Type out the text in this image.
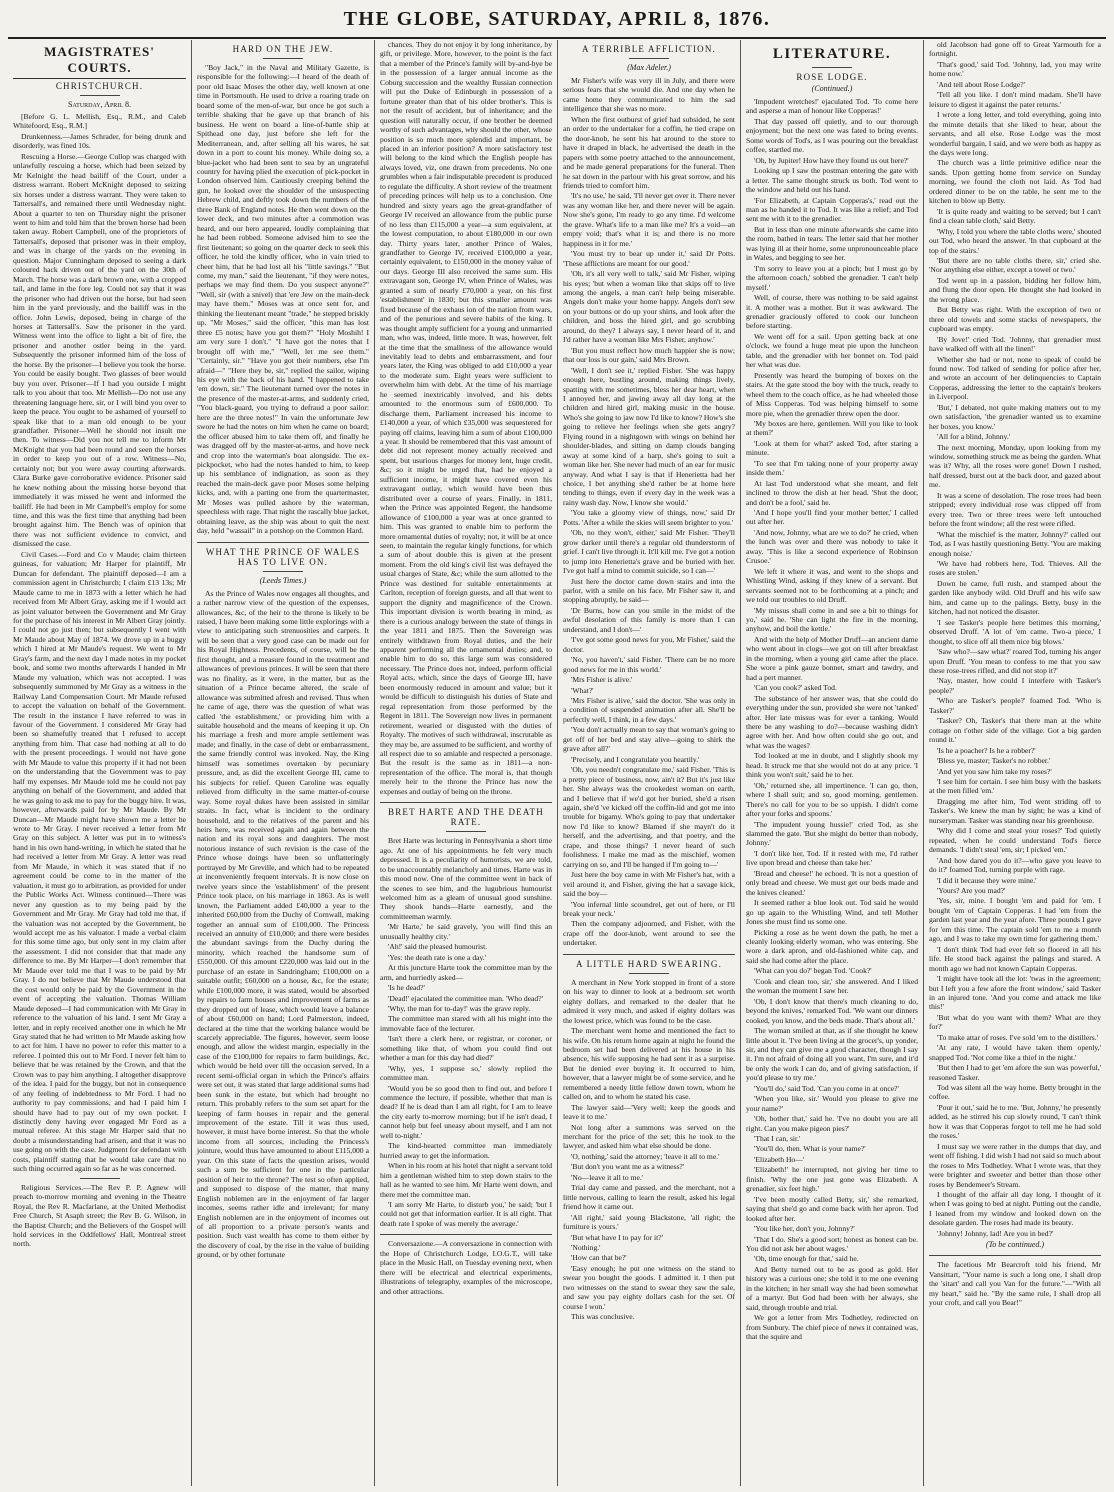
THE GLOBE, SATURDAY, APRIL 8, 1876.
MAGISTRATES' COURTS.
CHRISTCHURCH.
Saturday, April 8.

[Before G. L. Mellish, Esq., R.M., and Caleb Whitefoord, Esq., R.M.]

Drunkenness.—James Schrader, for being drunk and disorderly, was fined 10s.

Rescuing a Horse.—George Cullop was charged with unlawfully rescuing a horse, which had been seized by Mr Kelnight the head bailiff of the Court, under a distress warrant. Robert McKnight deposed to seizing six horses under a distress warrant. They were taken to Tattersall's, and remained there until Wednesday night. About a quarter to ten on Thursday night the prisoner went to him and told him that the brown horse had been taken away. Robert Campbell, one of the proprietors of Tattersall's, deposed that prisoner was in their employ, and was in charge of the yards on the evening in question. Major Cunningham deposed to seeing a dark coloured hack driven out of the yard on the 30th of March. The horse was a dark brown one, with a cropped tail, and lame in the fore leg. Could not say that it was the prisoner who had driven out the horse, but had seen him in the yard previously, and the bailiff was in the office. John Lewis, deposed, being in charge of the horses at Tattersall's. Saw the prisoner in the yard. Witness went into the office to light a bit of fire, the prisoner and another ostler being in the yard. Subsequently the prisoner informed him of the loss of the horse. By the prisoner—I believe you took the horse. You could be easily bought. Two glasses of beer would buy you over. Prisoner—If I had you outside I might talk to you about that too. Mr Mellish—Do not use any threatening language here, sir, or I will bind you over to keep the peace. You ought to be ashamed of yourself to speak like that to a man old enough to be your grandfather. Prisoner—Well he should not insult me then. To witness—Did you not tell me to inform Mr McKnight that you had been round and seen the horses in order to keep you out of a row. Witness—No, certainly not; but you were away courting afterwards. Clara Burke gave corroborative evidence. Prisoner said he knew nothing about the missing horse beyond that immediately it was missed he went and informed the bailiff. He had been in Mr Campbell's employ for some time, and this was the first time that anything had been brought against him. The Bench was of opinion that there was not sufficient evidence to convict, and dismissed the case.

Civil Cases.—Ford and Co v Maude; claim thirteen guineas, for valuation; Mr Harper for plaintiff, Mr Duncan for defendant. The plaintiff deposed—I am a commission agent in Christchurch; I claim £13 13s; Mr Maude came to me in 1873 with a letter which he had received from Mr Albert Gray, asking me if I would act as joint valuator between the Government and Mr Gray for the purchase of his interest in Mr Albert Gray jointly. I could not go just then; but subsequently I went with Mr Maude about May of 1874. We drove up in a buggy which I hired at Mr Maude's request. We went to Mr Gray's farm, and the next day I made notes in my pocket book, and some two months afterwards I handed in Mr Maude my valuation, which was not accepted. I was subsequently summoned by Mr Gray as a witness in the Railway Land Compensation Court. Mr Maude refused to accept the valuation on behalf of the Government. The result in the instance I have referred to was in favour of the Government. I considered Mr Gray had been so shamefully treated that I refused to accept anything from him. That case had nothing at all to do with the present proceedings. I would not have gone with Mr Maude to value this property if it had not been on the understanding that the Government was to pay half my expenses. Mr Maude told me he could not pay anything on behalf of the Government, and added that he was going to ask me to pay for the buggy hire. It was, however, afterwards paid for by Mr Maude. By Mr Duncan—Mr Maude might have shown me a letter he wrote to Mr Gray. I never received a letter from Mr Gray on this subject. A letter was put in to witness's hand in his own hand-writing, in which he stated that he had received a letter from Mr Gray. A letter was read from Mr Maude, in which it was stated that if no agreement could be come to in the matter of the valuation, it must go to arbitration, as provided for under the Public Works Act. Witness continued—There was never any question as to my being paid by the Government and Mr Gray. Mr Gray had told me that, if the valuation was not accepted by the Government, he would accept me as his valuator. I made a verbal claim for this some time ago, but only sent in my claim after the assessment. I did not consider that that made any difference to me. By Mr Harper—I don't remember that Mr Maude ever told me that I was to be paid by Mr Gray. I do not believe that Mr Maude understood that the cost would only be paid by the Government in the event of accepting the valuation. Thomas William Maude deposed—I had communication with Mr Gray in reference to the valuation of his land. I sent Mr Gray a letter, and in reply received another one in which he Mr Gray stated that he had written to Mr Maude asking how to act for him. I have no power to refer this matter to a referee. I pointed this out to Mr Ford. I never felt him to believe that he was retained by the Crown, and that the Crown was to pay him anything. I altogether disapprove of the idea. I paid for the buggy, but not in consequence of any feeling of indebtedness to Mr Ford. I had no authority to pay commissions, and had I paid him I should have had to pay out of my own pocket. I distinctly deny having ever engaged Mr Ford as a mutual referee. At this stage Mr Harper said that no doubt a misunderstanding had arisen, and that it was no use going on with the case. Judgment for defendant with costs, plaintiff stating that he would take care that no such thing occurred again so far as he was concerned.

Religious Services.—The Rev P. P. Agnew will preach to-morrow morning and evening in the Theatre Royal, the Rev R. Macfarlane, at the United Methodist Free Church, St Asaph street; the Rev B. G. Wilson, in the Baptist Church; and the Believers of the Gospel will hold services in the Oddfellows' Hall, Montreal street north.

HARD ON THE JEW.

"Boy Jack," in the Naval and Military Gazette, is responsible for the following:—I heard of the death of poor old Isaac Moses the other day, well known at one time in Portsmouth. He used to drive a roaring trade on board some of the men-of-war, but once he got such a terrible shaking that he gave up that branch of his business. He went on board a line-of-battle ship at Spithead one day, just before she left for the Mediterranean, and, after selling all his wares, he sat down in a port to count his money. While doing so, a blue-jacket who had been sent to sea by an ungrateful country for having plied the execution of pick-pocket in London observed him. Cautiously creeping behind the gun, he looked over the shoulder of the unsuspecting Hebrew child, and deftly took down the numbers of the three Bank of England notes. He then went down on the lower deck, and two minutes after a commotion was heard, and our hero appeared, loudly complaining that he had been robbed. Someone advised him to see the first lieutenant; so going on the quarter deck to seek this officer, he told the kindly officer, who in vain tried to cheer him, that he had lost all his "little savings." "But come, my man," said the lieutenant, "if they were notes, perhaps we may find them. Do you suspect anyone?" "Well, sir (with a snivel) that 'ere Jew on the main-deck may have them." Moses was at once sent for, and thinking the lieutenant meant "trade," he stepped briskly up. "Mr Moses," said the officer, "this man has lost three £5 notes; have you got them?" "Holy Moshih! I am very sure I don't." "I have got the notes that I brought off with me," "Well, let me see them." "Certainly, sir." "Have you got their numbers, else I'm afraid—" "Here they be, sir," replied the sailor, wiping his eye with the back of his hand. "I happened to take 'em down, sir." The lieutenant turned over the notes in the presence of the master-at-arms, and suddenly cried, "You black-guard, you trying to defraud a poor sailor: here are the three notes!" In vain the unfortunate Jew swore he had the notes on him when he came on board; the officer abused him to take them off, and finally he was dragged off by the master-at-arms, and hove neck and crop into the waterman's boat alongside. The ex-pickpocket, who had the notes handed to him, to keep up his semblance of indignation, as soon as they reached the main-deck gave poor Moses some helping kicks, and, with a parting one from the quartermaster, Mr Moses was pulled ashore by the waterman, speechless with rage. That night the rascally blue jacket, obtaining leave, as the ship was about to quit the next day, held "wassail" in a potshop on the Common Hard.

WHAT THE PRINCE OF WALES HAS TO LIVE ON.
(Leeds Times.)

As the Prince of Wales now engages all thoughts, and a rather narrow view of the question of the expenses, allowances, &c, of the heir to the throne is likely to be raised, I have been making some little explorings with a view to anticipating such strenuosities and carpers. It will be seen that a very good case can be made out for his Royal Highness. Precedents, of course, will be the first thought, and a measure found in the treatment and allowances of previous princes. It will be seen that there was no finality, as it were, in the matter, but as the situation of a Prince became altered, the scale of allowance was submitted afresh and revised. Thus when he came of age, there was the question of what was called 'the establishment,' or providing him with a suitable household and the means of keeping it up. On his marriage a fresh and more ample settlement was made; and finally, in the case of debt or embarrassment, the same friendly control was invoked. Nay, the King himself was sometimes overtaken by pecuniary pressure, and, as did the excellent George III, came to his subjects for relief. Queen Caroline was equally relieved from difficulty in the same matter-of-course way. Some royal dukes have been assisted in similar straits. In fact, what is incident to the ordinary household, and to the relatives of the parent and his heirs here, was received again and again between the nation and its royal sons and daughters. The most notorious instance of such revision is the case of the Prince whose doings have been so unflatteringly portrayed by Mr Greville, and which had to be repeated at inconveniently frequent intervals. It is now close on twelve years since the 'establishment' of the present Prince took place, on his marriage in 1863. As is well known, the Parliament added £40,000 a year to the inherited £60,000 from the Duchy of Cornwall, making together an annual sum of £100,000. The Princess received an annuity of £10,000; and there were besides the abundant savings from the Duchy during the minority, which reached the handsome sum of £550,000. Of this amount £220,000 was laid out in the purchase of an estate in Sandringham; £100,000 on a suitable outfit; £60,000 on a house, &c, for the estate; while £100,000 more, it was stated, would be absorbed by repairs to farm houses and improvement of farms as they dropped out of lease, which would leave a balance of about £60,000 on hand; Lord Palmerston, indeed, declared at the time that the working balance would be scarcely appreciable. The figures, however, seem loose enough, and allow the widest margin, especially in the case of the £100,000 for repairs to farm buildings, &c, which would be held over till the occasion served. In a recent semi-official organ in which the Prince's affairs were set out, it was stated that large additional sums had been sunk in the estate, but which had brought no return. This probably refers to the sum set apart for the keeping of farm houses in repair and the general improvement of the estate. Till it was thus used, however, it must have borne interest. So that the whole income from all sources, including the Princess's jointure, would thus have amounted to about £115,000 a year. On this state of facts the question arises, would such a sum be sufficient for one in the particular position of heir to the throne? The test so often applied, and supposed to dispose of the matter, that many English noblemen are in the enjoyment of far larger incomes, seems rather idle and irrelevant; for many English noblemen are in the enjoyment of incomes out of all proportion to a private person's wants and position. Such vast wealth has come to them either by the discovery of coal, by the rise in the value of building ground, or by other fortunate

chances. They do not enjoy it by long inheritance, by gift, or privilege. More, however, to the point is the fact that a member of the Prince's family will by-and-bye be in the possession of a larger annual income as the Coburg succession and the wealthy Russian connection will put the Duke of Edinburgh in possession of a fortune greater than that of his older brother's. This is not the result of accident, but of inheritance; and the question will naturally occur, if one brother be deemed worthy of such advantages, why should the other, whose position is so much more splendid and important, be placed in an inferior position? A more satisfactory test will belong to the kind which the English people has always loved, viz, one drawn from precedents. No one grumbles when a fair indisputable precedent is produced to regulate the difficulty. A short review of the treatment of preceding princes will help us to a conclusion. One hundred and sixty years ago the great-grandfather of George IV received an allowance from the public purse of no less than £115,000 a year—a sum equivalent, at the lowest computation, to about £180,000 in our own day. Thirty years later, another Prince of Wales, grandfather to George IV, received £100,000 a year, certainly equivalent, to £150,000 in the money value of our days. George III also received the same sum. His extravagant son, George IV, when Prince of Wales, was granted a sum of nearly £70,000 a year, on his first 'establishment' in 1830; but this smaller amount was fixed because of the exhaus ion of the nation from wars, and of the penurious and severe habits of the king. It was thought amply sufficient for a young and unmarried man, who was, indeed, little more. It was, however, felt at the time that the smallness of the allowance would inevitably lead to debts and embarrassment, and four years later, the King was obliged to add £10,000 a year to the moderate sum. Eight years were sufficient to overwhelm him with debt. At the time of his marriage he seemed inextricably involved, and his debts amounted to the enormous sum of £600,000. To discharge them, Parliament increased his income to £140,000 a year, of which £35,000 was sequestered for paying off claims, leaving him a sum of about £100,000 a year. It should be remembered that this vast amount of debt did not represent money actually received and spent, but usurious charges for money lent, huge credit, &c; so it might be urged that, had he enjoyed a sufficient income, it might have covered even his extravagant outlay, which would have been thus distributed over a course of years. Finally, in 1811, when the Prince was appointed Regent, the handsome allowance of £100,000 a year was at once granted to him. This was granted to enable him to perform the more ornamental duties of royalty; not, it will be at once seen, to maintain the regular kingly functions, for which a sum of about double this is given at the present moment. From the old king's civil list was defrayed the usual charges of State, &c; while the sum allotted to the Prince was destined for suitable entertainments at Carlton, reception of foreign guests, and all that went to support the dignity and magnificence of the Crown. This important division is worth bearing in mind, as there is a curious analogy between the state of things in the year 1811 and 1875. Then the Sovereign was entirely withdrawn from Royal duties, and the heir apparent performing all the ornamental duties; and, to enable him to do so, this large sum was considered necessary. The Prince does not, indeed, perform official Royal acts, which, since the days of George III, have been enormously reduced in amount and value; but it would be difficult to distinguish his duties of State and regal representation from those performed by the Regent in 1811. The Sovereign now lives in permanent retirement, wearied or disgusted with the duties of Royalty. The motives of such withdrawal, inscrutable as they may be, are assumed to be sufficient, and worthy of all respect due to so amiable and respected a personage. But the result is the same as in 1811—a non-representation of the office. The moral is, that though merely heir to the throne the Prince has now the expenses and outlay of being on the throne.

BRET HARTE AND THE DEATH RATE.

Bret Harte was lecturing in Pennsylvania a short time ago. At one of his appointments he felt very much depressed. It is a peculiarity of humorists, we are told, to be unaccountably melancholy and times. Harte was in this mood now. One of the committee went in back of the scenes to see him, and the lugubrious humourist welcomed him as a gleam of unusual good sunshine. They shook hands—Harte earnestly, and the committeeman warmly.

'Mr Harte,' he said gravely, 'you will find this an unusually healthy city.'

'Ah!' said the pleased humourist.

'Yes: the death rate is one a day.'

At this juncture Harte took the committee man by the arm, and hurriedly asked—

'Is he dead?'

'Dead!' ejaculated the committee man. 'Who dead?'

'Why, the man for to-day!' was the grave reply.

The committee man stared with all his might into the immovable face of the lecturer.

'Isn't there a clerk here, or registrar, or coroner, or something like that, of whom you could find out whether a man for this day had died?'

'Why, yes, I suppose so,' slowly replied the committee man.

'Would you be so good then to find out, and before I commence the lecture, if possible, whether that man is dead? If he is dead than I am all right, for I am to leave the city early to-morrow morning; but if he isn't dead, I cannot help but feel uneasy about myself, and I am not well to-night.'

The kind-hearted committee man immediately hurried away to get the information.

When in his room at his hotel that night a servant told him a gentleman wished him to step down stairs to the hall as he wanted to see him. Mr Harte went down, and there met the committee man.

'I am sorry Mr Harte, to disturb you,' he said; 'but I could not get that information earlier. It is all right. That death rate I spoke of was merely the average.'

Conversazione.—A conversazione in connection with the Hope of Christchurch Lodge, I.O.G.T., will take place in the Music Hall, on Tuesday evening next, when there will be electrical and electrical experiments, illustrations of telegraphy, examples of the microscope, and other attractions.

A TERRIBLE AFFLICTION.
(Max Adeler.)

Mr Fisher's wife was very ill in July, and there were serious fears that she would die. And one day when he came home they communicated to him the sad intelligence that she was no more.

When the first outburst of grief had subsided, he sent an order to the undertaker for a coffin, he tied crape on the door-knob, he sent his hat around to the store to have it draped in black, he advertised the death in the papers with some poetry attached to the announcement, and he made general preparations for the funeral. Then he sat down in the parlour with his great sorrow, and his friends tried to comfort him.

'It's no use,' he said, 'I'll never get over it. There never was any woman like her, and there never will be again. Now she's gone, I'm ready to go any time. I'd welcome the grave. What's life to a man like me? It's a void—an empty void; that's what it is; and there is no more happiness in it for me.'

'You must try to bear up under it,' said Dr Potts. 'These afflictions are meant for our good.'

'Oh, it's all very well to talk,' said Mr Fisher, wiping his eyes; 'but when a woman like that skips off to live among the angels, a man can't help being miserable. Angels don't make your home happy. Angels don't sew on your buttons or do up your shirts, and look after the children, and boss the hired girl, and go scrubbing around, do they? I always say, I never heard of it, and I'd rather have a woman like Mrs Fisher, anyhow.'

'But you must reflect how much happier she is now; that our loss is our gain,' said Mrs Brown.

'Well, I don't see it,' replied Fisher. 'She was happy enough here, bustling around, making things lively, spatting with me sometimes, bless her dear heart, when I annoyed her, and jawing away all day long at the children and hired girl, making music in the house. Who's she going to jaw now I'd like to know? How's she going to relieve her feelings when she gets angry? Flying round in a nightgown with wings on behind her shoulder-blades, and sitting on damp clouds banging away at some kind of a harp, she's going to suit a woman like her. She never had much of an ear for music anyway. And what I say is that if Henerietta had her choice, I bet anything she'd rather be at home here tending to things, even if every day in the week was a rainy wash day. Now, I know she would.'

'You take a gloomy view of things, now,' said Dr Potts. 'After a while the skies will seem brighter to you.'

'Oh, no they won't, either,' said Mr Fisher. 'They'll grow darker until there's a regular old thunderstorm of grief. I can't live through it. It'll kill me. I've got a notion to jump into Henerietta's grave and be buried with her. I've got half a mind to commit suicide, so I can—'

Just here the doctor came down stairs and into the parlor, with a smile on his face. Mr Fisher saw it, and stopping abruptly, he said—

'Dr Burns, how can you smile in the midst of the awful desolation of this family is more than I can understand, and I don't—'

'I've got some good news for you, Mr Fisher,' said the doctor.

'No, you haven't,' said Fisher. 'There can be no more good news for me in this world.'

'Mrs Fisher is alive.'

'What?'

'Mrs Fisher is alive,' said the doctor. 'She was only in a condition of suspended animation after all. She'll be perfectly well, I think, in a few days.'

'You don't actually mean to say that woman's going to get off of her bed and stay alive—going to shirk the grave after all?'

'Precisely, and I congratulate you heartily.'

'Oh, you needn't congratulate me,' said Fisher. 'This is a pretty piece of business, now, ain't it? But it's just like her. She always was the crookedest woman on earth, and I believe that if we'd got her buried, she'd a risen again, she'd 've kicked off the coffin-lid and got me into trouble for bigamy. Who's going to pay that undertaker now I'd like to know? Blamed if she mayn't do it herself, and the advertising, and that poetry, and the crape, and those things? I never heard of such foolishness. I make me mad as the mischief, women carrying on so, and I'll be hanged if I'm going to—'

Just here the boy came in with Mr Fisher's hat, with a veil around it, and Fisher, giving the hat a savage kick, said the boy—

'You infernal little scoundrel, get out of here, or I'll break your neck.'

Then the company adjourned, and Fisher, with the crape off the door-knob, went around to see the undertaker.

A LITTLE HARD SWEARING.

A merchant in New York stopped in front of a store on his way to dinner to look at a bedroom set worth eighty dollars, and remarked to the dealer that he admired it very much, and asked if eighty dollars was the lowest price, which was found to be the case.

The merchant went home and mentioned the fact to his wife. On his return home again at night he found the bedroom set had been delivered at his house in his absence, his wife supposing he had sent it as a surprise. But he denied ever buying it. It occurred to him, however, that a lawyer might be of some service, and he remembered a needy little fellow down town, whom he called on, and to whom he stated his case.

The lawyer said—'Very well; keep the goods and leave it to me.'

Not long after a summons was served on the merchant for the price of the set; this he took to the lawyer, and asked him what else should be done.

'O, nothing,' said the attorney; 'leave it all to me.'

'But don't you want me as a witness?'

'No—leave it all to me.'

Trial day came and passed, and the merchant, not a little nervous, calling to learn the result, asked his legal friend how it came out.

'All right,' said young Blackstone, 'all right; the furniture is yours.'

'But what have I to pay for it?'

'Nothing.'

'How can that be?'

'Easy enough; he put one witness on the stand to swear you bought the goods. I admitted it. I then put two witnesses on the stand to swear they saw the sale, and saw you pay eighty dollars cash for the set. Of course I won.'

This was conclusive.

LITERATURE.
ROSE LODGE.
(Continued.)

'Impudent wretches!' ejaculated Tod. 'To come here and asperse a man of honour like Copperas!'

That day passed off quietly, and to our thorough enjoyment; but the next one was fated to bring events. Some words of Tod's, as I was pouring out the breakfast coffee, startled me.

'Oh, by Jupiter! How have they found us out here?'

Looking up I saw the postman entering the gate with a letter. The same thought struck us both. Tod went to the window and held out his hand.

'For Elizabeth, at Captain Copperas's,' read out the man as he handed it to Tod. It was like a relief; and Tod sent me with it to the grenadier.

But in less than one minute afterwards she came into the room, bathed in tears. The letter said that her mother was lying ill at their home, some unpronounceable place in Wales, and begging to see her.

'I'm sorry to leave you at a pinch; but I must go by the afternoon coach,' sobbed the grenadier. 'I can't help myself.'

Well, of course, there was nothing to be said against it. A mother was a mother. But it was awkward. The grenadier graciously offered to cook our luncheon before starting.

We went off for a sail. Upon getting back at one o'clock, we found a huge meat pie upon the luncheon table, and the grenadier with her bonnet on. Tod paid her what was due.

Presently was heard the bumping of boxes on the stairs. At the gate stood the boy with the truck, ready to wheel them to the coach office, as he had wheeled those of Miss Copperas. Tod was helping himself to some more pie, when the grenadier threw open the door.

'My boxes are here, gentlemen. Will you like to look at them?'

'Look at them for what?' asked Tod, after staring a minute.

'To see that I'm taking none of your property away inside them.'

At last Tod understood what she meant, and felt inclined to throw the dish at her head. 'Shut the door, and don't be a fool,' said he.

'And I hope you'll find your mother better,' I called out after her.

'And now, Johnny, what are we to do?' he cried, when the lunch was over and there was nobody to take it away. 'This is like a second experience of Robinson Crusoe.'

We left it where it was, and went to the shops and Whistling Wind, asking if they knew of a servant. But servants seemed not to be forthcoming at a pinch; and we told our troubles to old Druff.

'My missus shall come in and see a bit to things for yo,' said he. 'She can light the fire in the morning, anyhow, and boil the kettle.'

And with the help of Mother Druff—an ancient dame who went about in clogs—we got on till after breakfast in the morning, when a young girl came after the place. She wore a pink gauze bonnet, smart and tawdry, and had a pert manner.

'Can you cook?' asked Tod.

The substance of her answer was, that she could do everything under the sun, provided she were not 'tanked' after. Her late missus was for ever a tanking. Would there be any washing to do?—because washing didn't agree with her. And how often could she go out, and what was the wages?

Tod looked at me in doubt, and I slightly shook my head. It struck me that she would not do at any price. 'I think you won't suit,' said he to her.

'Oh,' returned she, all impertinence. 'I can go, then, where I shall suit; and so, good morning, gentlemen. There's no call for you to be so uppish. I didn't come after your forks and spoons.'

'The impudent young hussie!' cried Tod, as she slammed the gate. 'But she might do better than nobody, Johnny.'

'I don't like her, Tod. If it rested with me, I'd rather live upon bread and cheese than take her.'

'Bread and cheese!' he echoed. 'It is not a question of only bread and cheese. We must get our beds made and the knives cleaned.'

It seemed rather a blue look out. Tod said he would go up again to the Whistling Wind, and tell Mother Jones she must find us some one.

Picking a rose as he went down the path, he met a cleanly looking elderly woman, who was entering. She wore a dark apron, and old-fashioned white cap, and said she had come after the place.

'What can you do?' began Tod. 'Cook?'

'Cook and clean too, sir,' she answered. And I liked the woman the moment I saw her.

'Oh, I don't know that there's much cleaning to do, beyond the knives,' remarked Tod. 'We want our dinners cooked, you know, and the beds made. That's about all.'

The woman smiled at that, as if she thought he knew little about it. 'I've been living at the grocer's, up yonder, sir, and they can give me a good character, though I say it. I'm not afraid of doing all you want, I'm sure, and it'd be only the work I can do, and of giving satisfaction, if you'd please to try me.'

'You'll do,' said Tod. 'Can you come in at once?'

'When you like, sir.' Would you please to give me your name?'

'Oh, bother that,' said he. 'I've no doubt you are all right. Can you make pigeon pies?'

'That I can, sir.'

'You'll do, then. What is your name?'

'Elizabeth Ho—'

'Elizabeth!' he interrupted, not giving her time to finish. 'Why the one just gone was Elizabeth. A grenadier, six feet high.'

'I've been mostly called Betty, sir,' she remarked, saying that she'd go and come back with her apron. Tod looked after her.

'You like her, don't you, Johnny?'

'That I do. She's a good sort; honest as honest can be. You did not ask her about wages.'

'Oh, time enough for that,' said he.

And Betty turned out to be as good as gold. Her history was a curious one; she told it to me one evening in the kitchen; in her small way she had been somewhat of a martyr. But God had been with her always, she said, through trouble and trial.

We got a letter from Mrs Todhetley, redirected on from Sunbury. The chief piece of news it contained was, that the squire and

old Jacobson had gone off to Great Yarmouth for a fortnight.

'That's good,' said Tod. 'Johnny, lad, you may write home now.'

'And tell about Rose Lodge?'

'Tell all you like. I don't mind madam. She'll have leisure to digest it against the pater returns.'

I wrote a long letter, and told everything, going into the minute details that she liked to hear, about the servants, and all else. Rose Lodge was the most wonderful bargain, I said, and we were both as happy as the days were long.

The church was a little primitive edifice near the sands. Upon getting home from service on Sunday morning, we found the cloth not laid. As Tod had ordered dinner to be on the table, he sent me to the kitchen to blow up Betty.

'It is quite ready and waiting to be served; but I can't find a clean table cloth,' said Betty.

'Why, I told you where the table cloths were,' shouted out Tod, who heard the answer. 'In that cupboard at the top of the stairs.'

'But there are no table cloths there, sir,' cried she. 'Nor anything else either, except a towel or two.'

Tod went up in a passion, bidding her follow him, and flung the door open. He thought she had looked in the wrong place.

But Betty was right. With the exception of two or three old towels and some stacks of newspapers, the cupboard was empty.

'By Jove!' cried Tod. 'Johnny, that grenadier must have walked off with all the linen!'

Whether she had or not, none to speak of could be found now. Tod talked of sending for police after her, and wrote an account of her delinquencies to Captain Copperas, addressing the letter to the captain's brokers in Liverpool.

'But,' I debated, not quite making matters out to my own satisfaction, 'the grenadier wanted us to examine her boxes, you know.'

'All for a blind, Johnny.'

The next morning, Monday, upon looking from my window, something struck me as being the garden. What was it? Why, all the roses were gone! Down I rushed, half dressed, burst out at the back door, and gazed about me.

It was a scene of desolation. The rose trees had been stripped; every individual rose was clipped off from every tree. Two or three trees were left untouched before the front window; all the rest were rifled.

'What the mischief is the matter, Johnny?' called out Tod, as I was hastily questioning Betty. 'You are making enough noise.'

'We have had robbers here, Tod. Thieves. All the roses are stolen.'

Down he came, full rush, and stamped about the garden like anybody wild. Old Druff and his wife saw him, and came up to the palings. Betty, busy in the kitchen, had not noticed the disaster.

'I see Tasker's people here betimes this morning,' observed Druff. 'A lot of 'em came. Two-a piece,' I thought, to slice off all them nice big blows.'

'Saw who?—saw what?' roared Tod, turning his anger upon Druff. 'You mean to confess to me that you saw these rose-trees rifled, and did not stop it?'

'Nay, master, how could I interfere with Tasker's people?'

'Who are Tasker's people?' foamed Tod. 'Who is Tasker?'

'Tasker? Oh, Tasker's that there man at the white cottage on t'other side of the village. Got a big garden round it.'

'Is he a poacher? Is he a robber?'

'Bless ye, master; Tasker's no robber.'

'And yet you saw him take my roses?'

'I see him for certain. I see him busy with the baskets at the men filled 'em.'

Dragging me after him, Tod went striding off to Tasker's. We knew the man by sight; he was a kind of nurseryman. Tasker was standing near his greenhouse.

'Why did I come and steal your roses?' Tod quietly repeated, when he could understand Tod's fierce demands. 'I didn't steal 'em, sir; I picked 'em.'

'And how dared you do it?—who gave you leave to do it?' foamed Tod, turning purple with rage.

'I did it because they were mine.'

'Yours? Are you mad?'

'Yes, sir, mine. I bought 'em and paid for 'em. I bought 'em of Captain Copperas. I had 'em from the garden last year and the year afore. Three pounds I gave for 'em this time. The captain sold 'em to me a month ago, and I was to take my own time for gathering them.'

'I don't think Tod had ever felt so floored in all his life. He stood back against the palings and stared. A month ago we had not known Captain Copperas.

'I might have took all the lot: 'twas in the agreement; but I left you a few afore the front window,' said Tasker in an injured tone. 'And you come and attack me like this!'

'But what do you want with them? What are they for?'

'To make attar of roses. I've sold 'em to the distillers.'

'At any rate, I would have taken them openly,' snapped Tod. 'Not come like a thief in the night.'

'But then I had to get 'em afore the sun was powerful,' reasoned Tasker.

Tod was silent all the way home. Betty brought in the coffee.

'Pour it out,' said he to me. 'But, Johnny,' he presently added, as he stirred his cup slowly round, 'I can't think how it was that Copperas forgot to tell me he had sold the roses.'

I must say we were rather in the dumps that day, and went off fishing. I did wish I had not said so much about the roses to Mrs Todhetley. What I wrote was, that they were brighter and sweeter and better than those other roses by Bendemeer's Stream.

I thought of the affair all day long. I thought of it when I was going to bed at night. Putting out the candle, I leaned from my window and looked down on the desolate garden. The roses had made its beauty.

'Johnny! Johnny, lad! Are you in bed?'

(To be continued.)

The facetious Mr Bearcroft told his friend, Mr Vansittart, "Your name is such a long one, I shall drop the 'sitart' and call you Van for the future."—"With all my heart," said he. "By the same rule, I shall drop all your croft, and call you Bear!"
